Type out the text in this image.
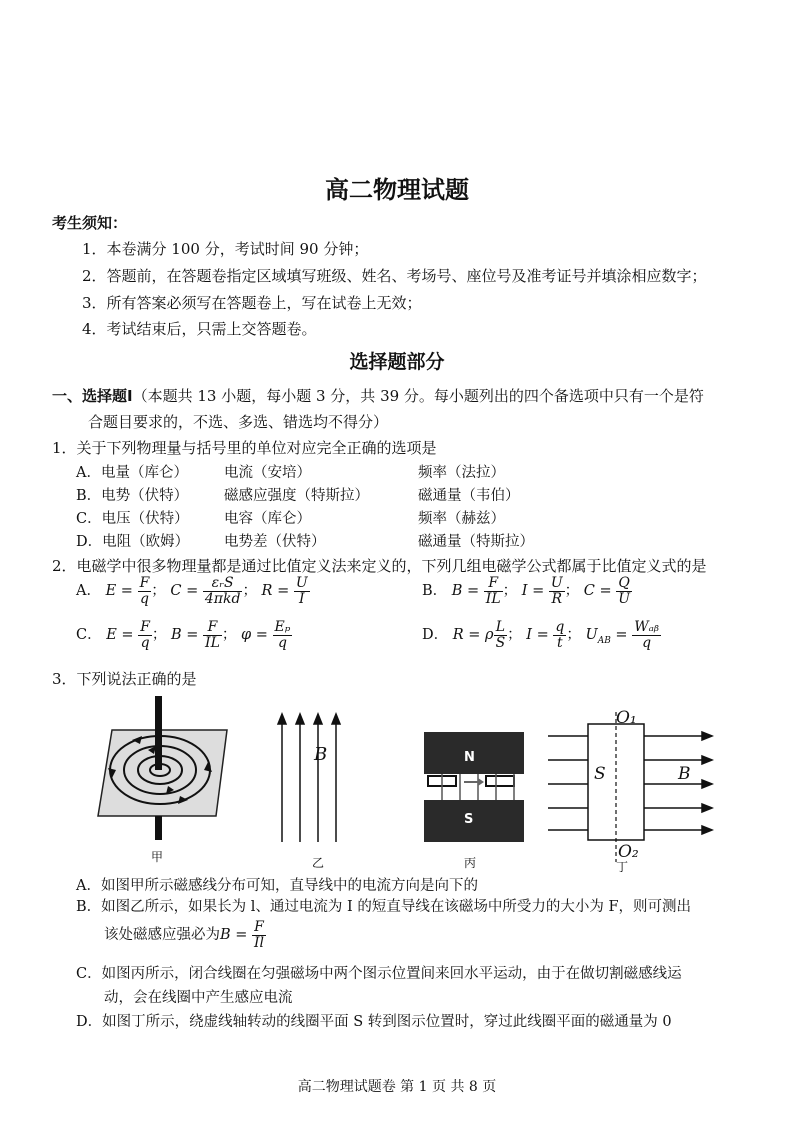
高二物理试题
考生须知：
1．本卷满分 100 分，考试时间 90 分钟；
2．答题前，在答题卷指定区域填写班级、姓名、考场号、座位号及准考证号并填涂相应数字；
3．所有答案必须写在答题卷上，写在试卷上无效；
4．考试结束后，只需上交答题卷。
选择题部分
一、选择题Ⅰ（本题共 13 小题，每小题 3 分，共 39 分。每小题列出的四个备选项中只有一个是符
合题目要求的，不选、多选、错选均不得分）
1．关于下列物理量与括号里的单位对应完全正确的选项是
A．电量（库仑） 电流（安培）	频率（法拉）
B．电势（伏特） 磁感应强度（特斯拉）	磁通量（韦伯）
C．电压（伏特） 电容（库仑）	频率（赫兹）
D．电阻（欧姆） 电势差（伏特）	磁通量（特斯拉）
2．电磁学中很多物理量都是通过比值定义法来定义的，下列几组电磁学公式都属于比值定义式的是
A． $E = \frac{F}{q}$ ； $C = \frac{\text{εᵣS}}{\text{4πkd}}$ ； $R = \frac{U}{I}$	B． $B = \frac{F}{IL}$ ； $I = \frac{U}{R}$ ； $C = \frac{Q}{U}$
C． $E = \frac{F}{q}$ ； $B = \frac{F}{IL}$ ； $\varphi = \frac{\text{Eₚ}}{q}$	D． R = ρ $\frac{L}{S}$ ； $I = \frac{q}{t}$ ； $U_{AB} = \frac{\text{Wₐᵦ}}{q}$
3．下列说法正确的是
甲
B
乙
N
S
丙
O₁
O₂
S	B
丁
A．如图甲所示磁感线分布可知，直导线中的电流方向是向下的
B．如图乙所示，如果长为 l、通过电流为 I 的短直导线在该磁场中所受力的大小为 F，则可测出
该处磁感应强必为$B = \frac{F}{Il}$
C．如图丙所示，闭合线圈在匀强磁场中两个图示位置间来回水平运动，由于在做切割磁感线运
动，会在线圈中产生感应电流
D．如图丁所示，绕虚线轴转动的线圈平面 S 转到图示位置时，穿过此线圈平面的磁通量为 0
高二物理试题卷 第 1 页 共 8 页
